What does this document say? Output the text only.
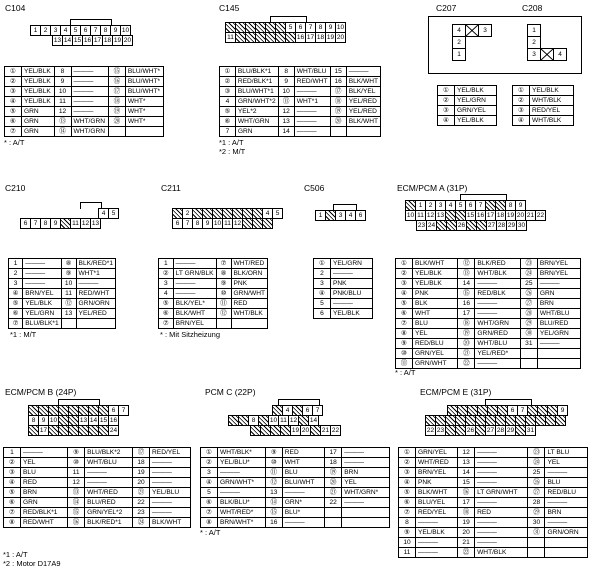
C104	C145	C207	C208
C210	C211	C506	ECM/PCM A (31P)
ECM/PCM B (24P)	PCM C (22P)	ECM/PCM E (31P)
1 2 3 4 5 6 7 8 9 10
13 14 15 16 17 18 19 20
5 6 7 8 9 10
11	16 17 18 19 20
4 5
6 7 8 9	11 12 13
2	4 5
6 7 8 9 10 11 12
1	3 4 6
1 2 3 4 5 6 7	8 9
10 11 12 13	15 16 17 18 19 20 21 22
23 24	26	27 28 29 30
6 7
8 9 10	13 14 15 16
17	24
4	6 7
8	10 11 12 14
19 20 21 22
6 7	9
22 23	26 27 28 29 31
4	3
2
1
1
2
3	4
①	YEL/BLK	8	———	⑮	BLU/WHT*
②	YEL/BLK	9	———	⑯	BLU/WHT*
③	YEL/BLK	10	———	⑰	BLU/WHT*
④	YEL/BLK	11	———	⑱	WHT*
⑤	GRN	12	———	⑲	WHT*
⑥	GRN	⑬	WHT/GRN	⑳	WHT*
⑦	GRN	⑭	WHT/GRN		
①	BLU/BLK*1	8	WHT/BLU	15	———
②	RED/BLK*1	9	RED/WHT	16	BLK/WHT
③	BLU/WHT*1	10	———	⑰	BLK/YEL
4	GRN/WHT*2	⑪	WHT*1	⑱	YEL/RED
⑤	YEL*2	12	———	⑲	YEL/RED
⑥	WHT/GRN	13	———	⑳	BLK/WHT
7	GRN	14	———		
①	YEL/BLK
②	YEL/GRN
③	GRN/YEL
④	YEL/BLK
①	YEL/BLK
②	WHT/BLK
③	RED/YEL
④	WHT/BLK
1	———	⑧	BLK/RED*1
2	———	⑨	WHT*1
3	———	10	———
④	BRN/YEL	11	RED/WHT
⑤	YEL/BLK	⑫	GRN/ORN
⑥	YEL/GRN	13	YEL/RED
⑦	BLU/BLK*1		
1	———	⑦	WHT/RED
②	LT GRN/BLK	⑧	BLK/ORN
3	———	⑨	PNK
4	———	⑩	GRN/WHT
⑤	BLK/YEL*	⑪	RED
⑥	BLK/WHT	⑫	WHT/BLK
⑦	BRN/YEL		
①	YEL/GRN
2	———
3	PNK
④	PNK/BLU
5	———
6	YEL/BLK
①	BLK/WHT	⑫	BLK/RED	㉓	BRN/YEL
②	YEL/BLK	⑬	WHT/BLK	㉔	BRN/YEL
③	YEL/BLK	14	———	25	———
④	PNK	⑮	RED/BLK	㉖	GRN
⑤	BLK	16	———	㉗	BRN
⑥	WHT	17	———	㉘	WHT/BLU
⑦	BLU	⑱	WHT/GRN	㉙	BLU/RED
⑧	YEL	⑲	GRN/RED	㉚	YEL/GRN
⑨	RED/BLU	⑳	WHT/BLU	31	———
⑩	GRN/YEL	㉑	YEL/RED*		
⑪	GRN/WHT	㉒	———		
1	———	⑨	BLU/BLK*2	⑰	RED/YEL
②	YEL	⑩	WHT/BLU	18	———
③	BLU	11	———	19	———
④	RED	12	———	20	———
⑤	BRN	⑬	WHT/RED	㉑	YEL/BLU
⑥	GRN	⑭	BLU/RED	22	———
⑦	RED/BLK*1	⑮	GRN/YEL*2	23	———
⑧	RED/WHT	⑯	BLK/RED*1	㉔	BLK/WHT
①	WHT/BLK*	⑨	RED	17	———
②	YEL/BLU*	⑩	WHT	18	———
3	———	⑪	BLU	⑲	BRN
④	GRN/WHT*	⑫	BLU/WHT	⑳	YEL
5	———	13	———	㉑	WHT/GRN*
⑥	BLK/BLU*	⑭	GRN*	22	———
⑦	WHT/RED*	⑮	BLU*		
⑧	BRN/WHT*	16	———		
①	GRN/YEL	12	———	㉓	LT BLU
②	WHT/RED	13	———	㉔	YEL
③	BRN/YEL	14	———	25	———
④	PNK	15	———	㉖	BLU
⑤	BLK/WHT	⑯	LT GRN/WHT	㉗	RED/BLU
⑥	BLU/YEL	17	———	28	———
⑦	RED/YEL	⑱	RED	㉙	BRN
8	———	19	———	30	———
⑨	YEL/BLK	20	———	㉛	GRN/ORN
10	———	21	———		
11	———	㉒	WHT/BLK		
* : A/T	*1 : A/T
*2 : M/T
*1 : M/T	* : Mit Sitzheizung
* : A/T
*1 : A/T
*2 : Motor D17A9
* : A/T
